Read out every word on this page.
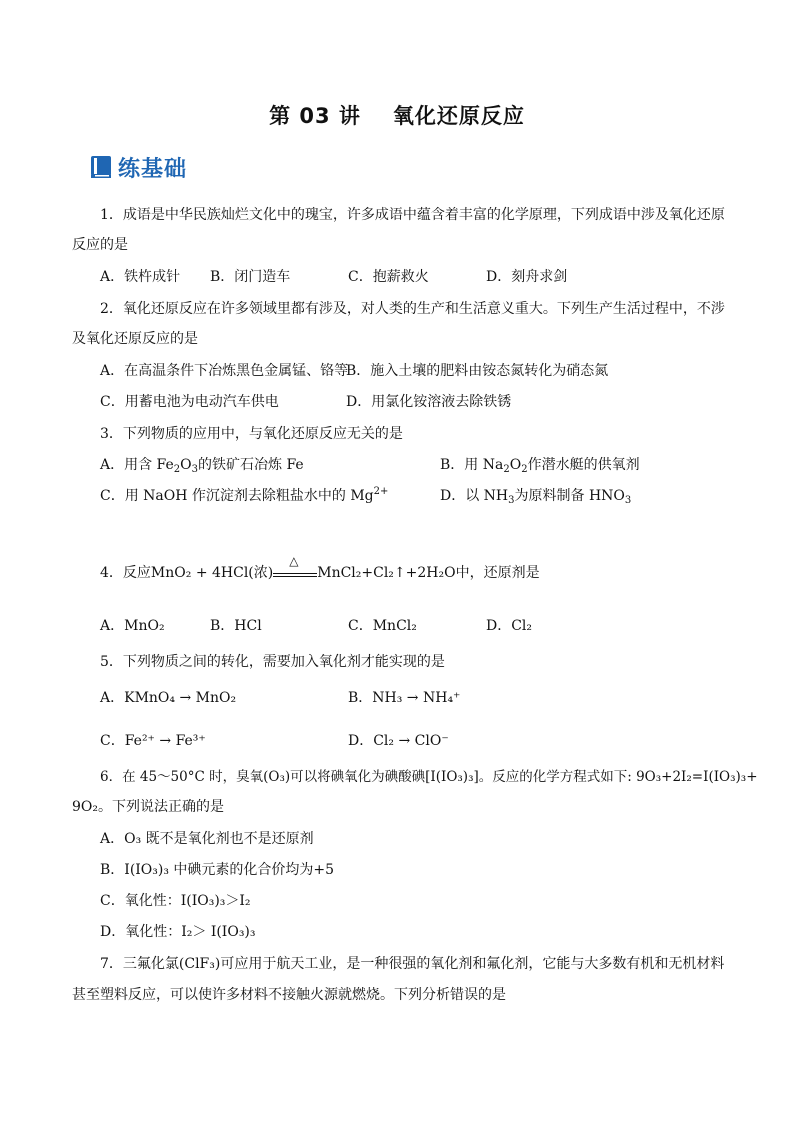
第 03 讲 氧化还原反应
练基础
1．成语是中华民族灿烂文化中的瑰宝，许多成语中蕴含着丰富的化学原理，下列成语中涉及氧化还原
反应的是
A．铁杵成针 B．闭门造车	C．抱薪救火	D．刻舟求剑
2．氧化还原反应在许多领域里都有涉及，对人类的生产和生活意义重大。下列生产生活过程中，不涉
及氧化还原反应的是
A．在高温条件下冶炼黑色金属锰、铬等
B．施入土壤的肥料由铵态氮转化为硝态氮
C．用蓄电池为电动汽车供电	D．用氯化铵溶液去除铁锈
3．下列物质的应用中，与氧化还原反应无关的是
A．用含 $Fe_2O_3$的铁矿石冶炼 Fe	B．用 $Na_2O_2$作潜水艇的供氧剂
C．用 NaOH 作沉淀剂去除粗盐水中的 $Mg^{2+}$	D．以 $NH_3$为原料制备 $HNO_3$
4．反应MnO₂ + 4HCl(浓)
△
MnCl₂+Cl₂↑+2H₂O中，还原剂是
A．MnO₂	B．HCl	C．MnCl₂	D．Cl₂
5．下列物质之间的转化，需要加入氧化剂才能实现的是
A．KMnO₄ → MnO₂	B．NH₃ → NH₄⁺
C．Fe²⁺ → Fe³⁺	D．Cl₂ → ClO⁻
6．在 45～50°C 时，臭氧(O₃)可以将碘氧化为碘酸碘[I(IO₃)₃]。反应的化学方程式如下: 9O₃+2I₂=I(IO₃)₃+
9O₂。下列说法正确的是
A．O₃ 既不是氧化剂也不是还原剂
B．I(IO₃)₃ 中碘元素的化合价均为+5
C．氧化性：I(IO₃)₃＞I₂
D．氧化性：I₂＞ I(IO₃)₃
7．三氟化氯(ClF₃)可应用于航天工业，是一种很强的氧化剂和氟化剂，它能与大多数有机和无机材料
甚至塑料反应，可以使许多材料不接触火源就燃烧。下列分析错误的是
